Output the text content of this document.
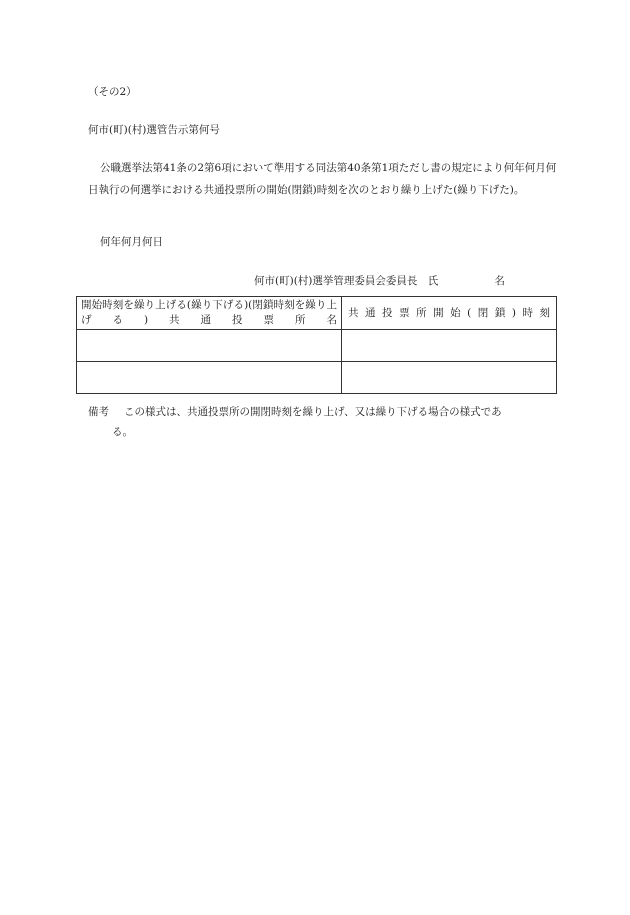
（その2）
何市(町)(村)選管告示第何号
公職選挙法第41条の2第6項において準用する同法第40条第1項ただし書の規定により何年何月何日執行の何選挙における共通投票所の開始(閉鎖)時刻を次のとおり繰り上げた(繰り下げた)。
何年何月何日
何市(町)(村)選挙管理委員会委員長　 氏	名
開始時刻を繰り上げる(繰り下げる)(閉鎖時刻を繰り上げる)共通投票所名	共通投票所開始(閉鎖)時刻

備考 この様式は、共通投票所の開閉時刻を繰り上げ、又は繰り下げる場合の様式であ
る。
